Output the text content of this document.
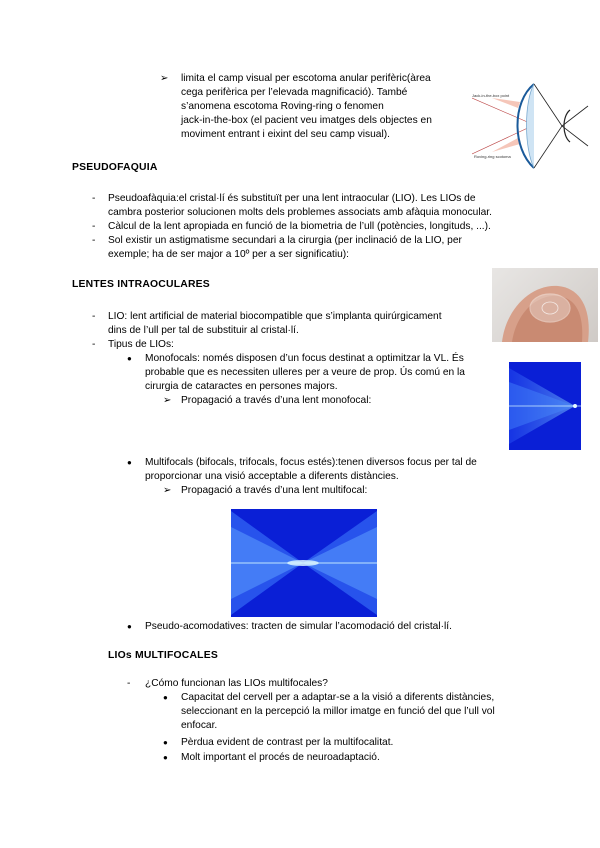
➢ limita el camp visual per escotoma anular perifèric(àrea
cega perifèrica per l’elevada magnificació). També
s’anomena escotoma Roving-ring o fenomen
jack-in-the-box (el pacient veu imatges dels objectes en
moviment entrant i eixint del seu camp visual).
Jack-in-the-box point
Roving-ring scotoma
PSEUDOFAQUIA
- Pseudoafàquia:el cristal·lí és substituït per una lent intraocular (LIO). Les LIOs de
cambra posterior solucionen molts dels problemes associats amb afàquia monocular.
- Càlcul de la lent apropiada en funció de la biometria de l’ull (potències, longituds, ...).
- Sol existir un astigmatisme secundari a la cirurgia (per inclinació de la LIO, per
exemple; ha de ser major a 10º per a ser significatiu):
LENTES INTRAOCULARES
- LIO: lent artificial de material biocompatible que s’implanta quirúrgicament
dins de l’ull per tal de substituir al cristal·lí.
- Tipus de LIOs:
● Monofocals: només disposen d’un focus destinat a optimitzar la VL. És
probable que es necessiten ulleres per a veure de prop. Ús comú en la
cirurgia de cataractes en persones majors.
➢ Propagació a través d’una lent monofocal:
● Multifocals (bifocals, trifocals, focus estés):tenen diversos focus per tal de
proporcionar una visió acceptable a diferents distàncies.
➢ Propagació a través d’una lent multifocal:
● Pseudo-acomodatives: tracten de simular l’acomodació del cristal·lí.
LIOs MULTIFOCALES
- ¿Cómo funcionan las LIOs multifocales?
● Capacitat del cervell per a adaptar-se a la visió a diferents distàncies,
seleccionant en la percepció la millor imatge en funció del que l’ull vol
enfocar.
● Pèrdua evident de contrast per la multifocalitat.
● Molt important el procés de neuroadaptació.
